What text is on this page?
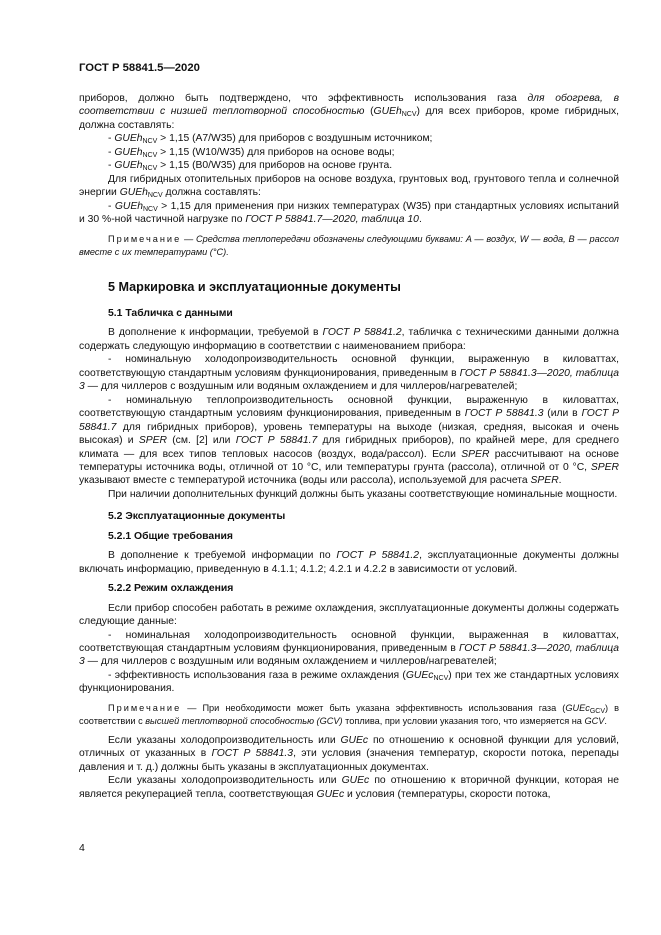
ГОСТ Р 58841.5—2020

приборов, должно быть подтверждено, что эффективность использования газа для обогрева, в соответствии с низшей теплотворной способностью (GUEh$_{NCV}$) для всех приборов, кроме гибридных, должна составлять:

- GUEh$_{NCV}$ > 1,15 (A7/W35) для приборов с воздушным источником;

- GUEh$_{NCV}$ > 1,15 (W10/W35) для приборов на основе воды;

- GUEh$_{NCV}$ > 1,15 (B0/W35) для приборов на основе грунта.

Для гибридных отопительных приборов на основе воздуха, грунтовых вод, грунтового тепла и солнечной энергии GUEh$_{NCV}$ должна составлять:

- GUEh$_{NCV}$ > 1,15 для применения при низких температурах (W35) при стандартных условиях испытаний и 30 %-ной частичной нагрузке по ГОСТ Р 58841.7—2020, таблица 10.

Примечание — Средства теплопередачи обозначены следующими буквами: A — воздух, W — вода, B — рассол вместе с их температурами (°C).

5 Маркировка и эксплуатационные документы
5.1 Табличка с данными

В дополнение к информации, требуемой в ГОСТ Р 58841.2, табличка с техническими данными должна содержать следующую информацию в соответствии с наименованием прибора:

- номинальную холодопроизводительность основной функции, выраженную в киловаттах, соответствующую стандартным условиям функционирования, приведенным в ГОСТ Р 58841.3—2020, таблица 3 — для чиллеров с воздушным или водяным охлаждением и для чиллеров/нагревателей;

- номинальную теплопроизводительность основной функции, выраженную в киловаттах, соответствующую стандартным условиям функционирования, приведенным в ГОСТ Р 58841.3 (или в ГОСТ Р 58841.7 для гибридных приборов), уровень температуры на выходе (низкая, средняя, высокая и очень высокая) и SPER (см. [2] или ГОСТ Р 58841.7 для гибридных приборов), по крайней мере, для среднего климата — для всех типов тепловых насосов (воздух, вода/рассол). Если SPER рассчитывают на основе температуры источника воды, отличной от 10 °C, или температуры грунта (рассола), отличной от 0 °C, SPER указывают вместе с температурой источника (воды или рассола), используемой для расчета SPER.

При наличии дополнительных функций должны быть указаны соответствующие номинальные мощности.

5.2 Эксплуатационные документы
5.2.1 Общие требования

В дополнение к требуемой информации по ГОСТ Р 58841.2, эксплуатационные документы должны включать информацию, приведенную в 4.1.1; 4.1.2; 4.2.1 и 4.2.2 в зависимости от условий.

5.2.2 Режим охлаждения

Если прибор способен работать в режиме охлаждения, эксплуатационные документы должны содержать следующие данные:

- номинальная холодопроизводительность основной функции, выраженная в киловаттах, соответствующая стандартным условиям функционирования, приведенным в ГОСТ Р 58841.3—2020, таблица 3 — для чиллеров с воздушным или водяным охлаждением и чиллеров/нагревателей;

- эффективность использования газа в режиме охлаждения (GUEc$_{NCV}$) при тех же стандартных условиях функционирования.

Примечание — При необходимости может быть указана эффективность использования газа (GUEc$_{GCV}$) в соответствии с высшей теплотворной способностью (GCV) топлива, при условии указания того, что измеряется на GCV.

Если указаны холодопроизводительность или GUEc по отношению к основной функции для условий, отличных от указанных в ГОСТ Р 58841.3, эти условия (значения температур, скорости потока, перепады давления и т. д.) должны быть указаны в эксплуатационных документах.

Если указаны холодопроизводительность или GUEc по отношению к вторичной функции, которая не является рекуперацией тепла, соответствующая GUEc и условия (температуры, скорости потока,

4
